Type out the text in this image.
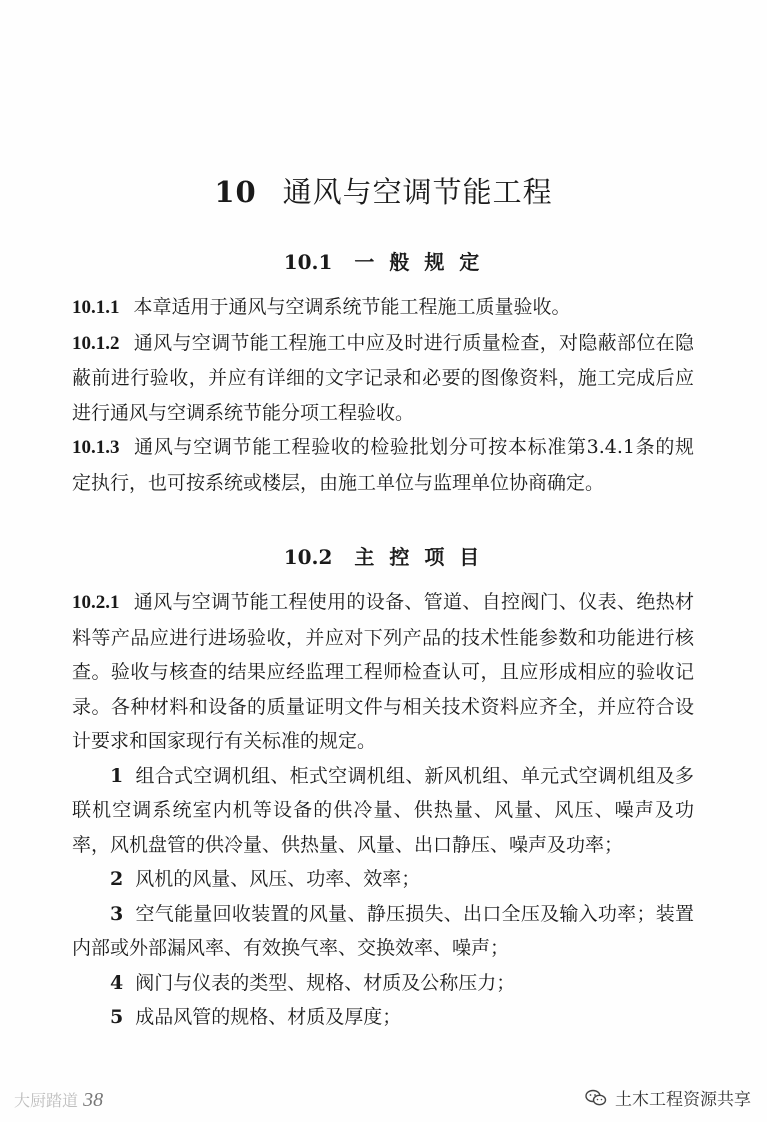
10 通风与空调节能工程
10.1 一 般 规 定

10.1.1 本章适用于通风与空调系统节能工程施工质量验收。

10.1.2 通风与空调节能工程施工中应及时进行质量检查，对隐蔽部位在隐蔽前进行验收，并应有详细的文字记录和必要的图像资料，施工完成后应进行通风与空调系统节能分项工程验收。

10.1.3 通风与空调节能工程验收的检验批划分可按本标准第3.4.1条的规定执行，也可按系统或楼层，由施工单位与监理单位协商确定。

10.2 主 控 项 目

10.2.1 通风与空调节能工程使用的设备、管道、自控阀门、仪表、绝热材料等产品应进行进场验收，并应对下列产品的技术性能参数和功能进行核查。验收与核查的结果应经监理工程师检查认可，且应形成相应的验收记录。各种材料和设备的质量证明文件与相关技术资料应齐全，并应符合设计要求和国家现行有关标准的规定。

1 组合式空调机组、柜式空调机组、新风机组、单元式空调机组及多联机空调系统室内机等设备的供冷量、供热量、风量、风压、噪声及功率，风机盘管的供冷量、供热量、风量、出口静压、噪声及功率；

2 风机的风量、风压、功率、效率；

3 空气能量回收装置的风量、静压损失、出口全压及输入功率；装置内部或外部漏风率、有效换气率、交换效率、噪声；

4 阀门与仪表的类型、规格、材质及公称压力；

5 成品风管的规格、材质及厚度；

大厨踏道 38	土木工程资源共享
